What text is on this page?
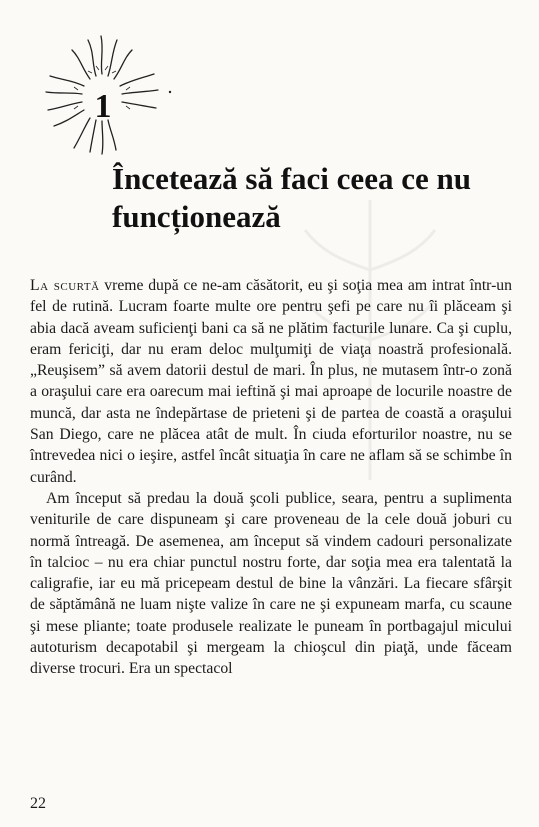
1
Încetează să faci ceea ce nu funcționează

La scurtă vreme după ce ne-am căsătorit, eu şi soţia mea am intrat într-un fel de rutină. Lucram foarte multe ore pentru şefi pe care nu îi plăceam şi abia dacă aveam suficienţi bani ca să ne plătim facturile lunare. Ca şi cuplu, eram fericiţi, dar nu eram deloc mulţumiţi de viaţa noastră profesională. „Reuşisem” să avem datorii destul de mari. În plus, ne mutasem într-o zonă a oraşului care era oarecum mai ieftină şi mai aproape de locurile noastre de muncă, dar asta ne îndepărtase de prieteni şi de partea de coastă a oraşului San Diego, care ne plăcea atât de mult. În ciuda eforturilor noastre, nu se întrevedea nici o ieşire, astfel încât situaţia în care ne aflam să se schimbe în curând.

Am început să predau la două şcoli publice, seara, pentru a suplimenta veniturile de care dispuneam şi care proveneau de la cele două joburi cu normă întreagă. De asemenea, am început să vindem cadouri personalizate în talcioc – nu era chiar punctul nostru forte, dar soţia mea era talentată la caligrafie, iar eu mă pricepeam destul de bine la vânzări. La fiecare sfârşit de săptămână ne luam nişte valize în care ne şi expuneam marfa, cu scaune şi mese pliante; toate produsele realizate le puneam în portbagajul micului autoturism decapotabil şi mergeam la chioşcul din piaţă, unde făceam diverse trocuri. Era un spectacol

22
